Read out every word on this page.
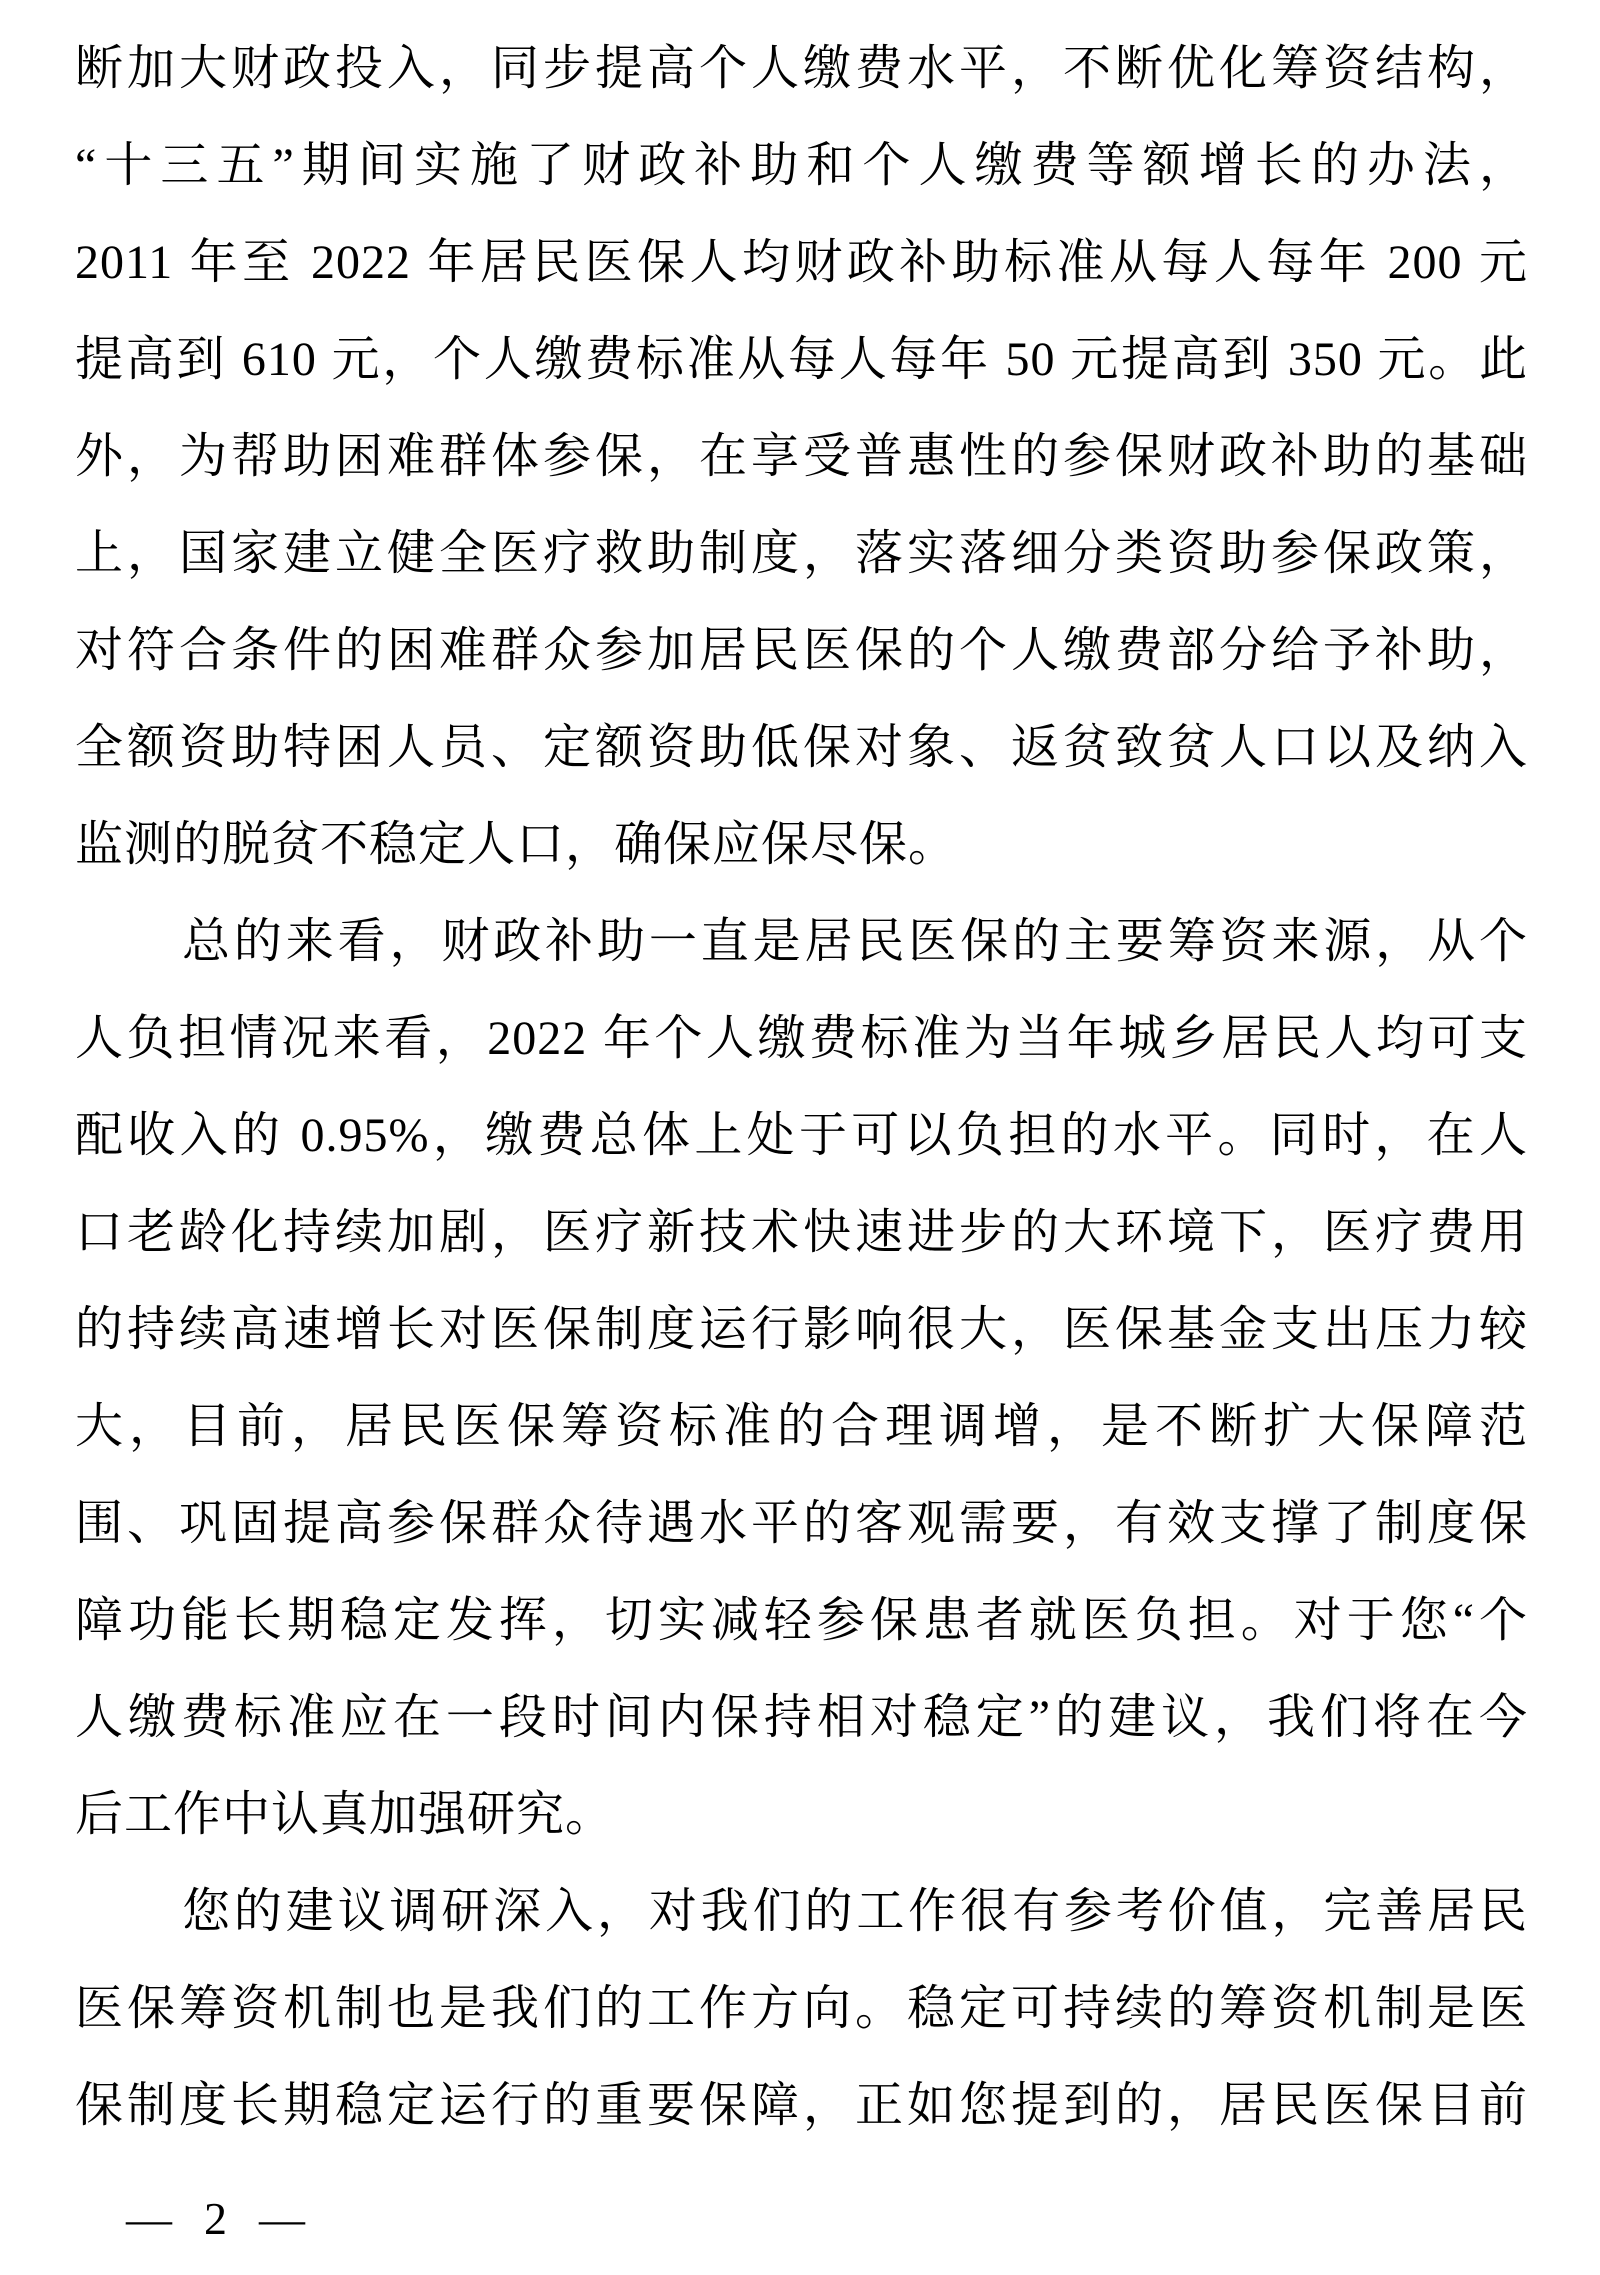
断加大财政投入，同步提高个人缴费水平，不断优化筹资结构，
“十三五”期间实施了财政补助和个人缴费等额增长的办法，
2011 年至 2022 年居民医保人均财政补助标准从每人每年 200 元
提高到 610 元，个人缴费标准从每人每年 50 元提高到 350 元。此
外，为帮助困难群体参保，在享受普惠性的参保财政补助的基础
上，国家建立健全医疗救助制度，落实落细分类资助参保政策，
对符合条件的困难群众参加居民医保的个人缴费部分给予补助，
全额资助特困人员、定额资助低保对象、返贫致贫人口以及纳入
监测的脱贫不稳定人口，确保应保尽保。
总的来看，财政补助一直是居民医保的主要筹资来源，从个
人负担情况来看，2022 年个人缴费标准为当年城乡居民人均可支
配收入的 0.95%，缴费总体上处于可以负担的水平。同时，在人
口老龄化持续加剧，医疗新技术快速进步的大环境下，医疗费用
的持续高速增长对医保制度运行影响很大，医保基金支出压力较
大，目前，居民医保筹资标准的合理调增，是不断扩大保障范
围、巩固提高参保群众待遇水平的客观需要，有效支撑了制度保
障功能长期稳定发挥，切实减轻参保患者就医负担。对于您“个
人缴费标准应在一段时间内保持相对稳定”的建议，我们将在今
后工作中认真加强研究。
您的建议调研深入，对我们的工作很有参考价值，完善居民
医保筹资机制也是我们的工作方向。稳定可持续的筹资机制是医
保制度长期稳定运行的重要保障，正如您提到的，居民医保目前
— 2 —
